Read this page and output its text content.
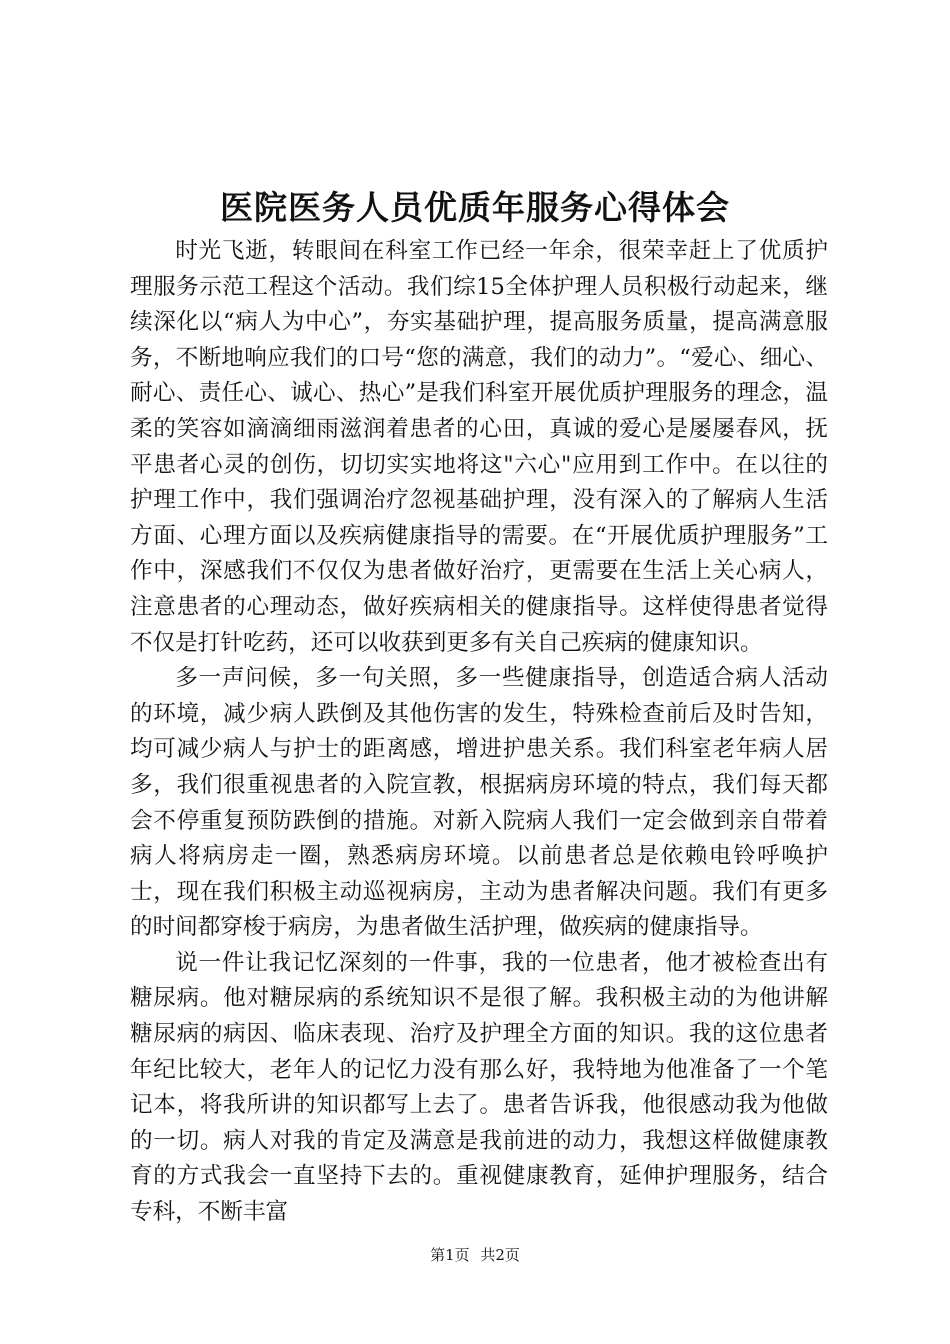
医院医务人员优质年服务心得体会

时光飞逝，转眼间在科室工作已经一年余，很荣幸赶上了优质护理服务示范工程这个活动。我们综15全体护理人员积极行动起来，继续深化以“病人为中心”，夯实基础护理，提高服务质量，提高满意服务，不断地响应我们的口号“您的满意，我们的动力”。“爱心、细心、耐心、责任心、诚心、热心”是我们科室开展优质护理服务的理念，温柔的笑容如滴滴细雨滋润着患者的心田，真诚的爱心是屡屡春风，抚平患者心灵的创伤，切切实实地将这"六心"应用到工作中。在以往的护理工作中，我们强调治疗忽视基础护理，没有深入的了解病人生活方面、心理方面以及疾病健康指导的需要。在“开展优质护理服务”工作中，深感我们不仅仅为患者做好治疗，更需要在生活上关心病人，注意患者的心理动态，做好疾病相关的健康指导。这样使得患者觉得不仅是打针吃药，还可以收获到更多有关自己疾病的健康知识。

多一声问候，多一句关照，多一些健康指导，创造适合病人活动的环境，减少病人跌倒及其他伤害的发生，特殊检查前后及时告知，均可减少病人与护士的距离感，增进护患关系。我们科室老年病人居多，我们很重视患者的入院宣教，根据病房环境的特点，我们每天都会不停重复预防跌倒的措施。对新入院病人我们一定会做到亲自带着病人将病房走一圈，熟悉病房环境。以前患者总是依赖电铃呼唤护士，现在我们积极主动巡视病房，主动为患者解决问题。我们有更多的时间都穿梭于病房，为患者做生活护理，做疾病的健康指导。

说一件让我记忆深刻的一件事，我的一位患者，他才被检查出有糖尿病。他对糖尿病的系统知识不是很了解。我积极主动的为他讲解糖尿病的病因、临床表现、治疗及护理全方面的知识。我的这位患者年纪比较大，老年人的记忆力没有那么好，我特地为他准备了一个笔记本，将我所讲的知识都写上去了。患者告诉我，他很感动我为他做的一切。病人对我的肯定及满意是我前进的动力，我想这样做健康教育的方式我会一直坚持下去的。重视健康教育，延伸护理服务，结合专科，不断丰富

第1页 共2页
